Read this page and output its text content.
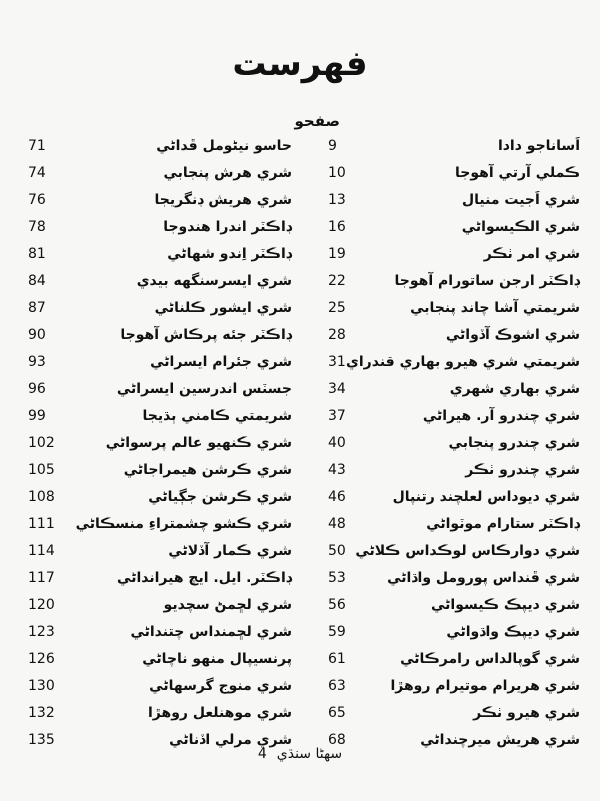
فهرست
صفحو
اَساناجو دادا
9
ڪملي آرتي آهوجا
10
شري اَجيت منيال
13
شري الڪيسواڻي
16
شري امر ٺڪر
19
ڊاڪٽر ارجن ساتورام آهوجا
22
شريمتي آشا چاند پنجابي
25
شري اشوڪ آڏواڻي
28
شريمتي شري هيرو بهاري قندراي
31
شري بهاري شهري
34
شري چندرو آر. هيراڻي
37
شري چندرو پنجابي
40
شري چندرو ٺڪر
43
شري ديوداس لعلچند رتنپال
46
ڊاڪٽر ستارام موٽواڻي
48
شري دوارڪاس لوڪداس ڪلاڻي
50
شري ڦنداس پورومل واڌاڻي
53
شري ديپڪ ڪيسواڻي
56
شري ديپڪ واڌواڻي
59
شري گوپالداس رامرڪاڻي
61
شري هريرام موتيرام روهڙا
63
شري هيرو ٺڪر
65
شري هريش ميرچنداڻي
68
حاسو نيڻومل ڦداڻي
71
شري هرش پنجابي
74
شري هريش ڊنگريجا
76
ڊاڪٽر اندرا هندوجا
78
ڊاڪٽر اِندو شهاڻي
81
شري ايسرسنگهه بيدي
84
شري ايشور ڪلناڻي
87
ڊاڪٽر جئه پرڪاش آهوجا
90
شري جئرام ايسراڻي
93
جسٽس اندرسين ايسراڻي
96
شريمتي ڪامني ٻڌيجا
99
شري ڪنهيو عالم پرسواڻي
102
شري ڪرشن هيمراجاڻي
105
شري ڪرشن جڳياڻي
108
شري ڪشو چشمتراءِ منسڪاڻي
111
شري ڪمار آڏلاڻي
114
ڊاڪٽر. ايل. ايچ هيرانداڻي
117
شري لڇمڻ سچديو
120
شري لڇمنداس چتنداڻي
123
پرنسيپال منهو ناچاڻي
126
شري منوج گرسهاڻي
130
شري موهنلعل روهڙا
132
شري مرلي اڏناڻي
135
سهڻا سنڌي4
